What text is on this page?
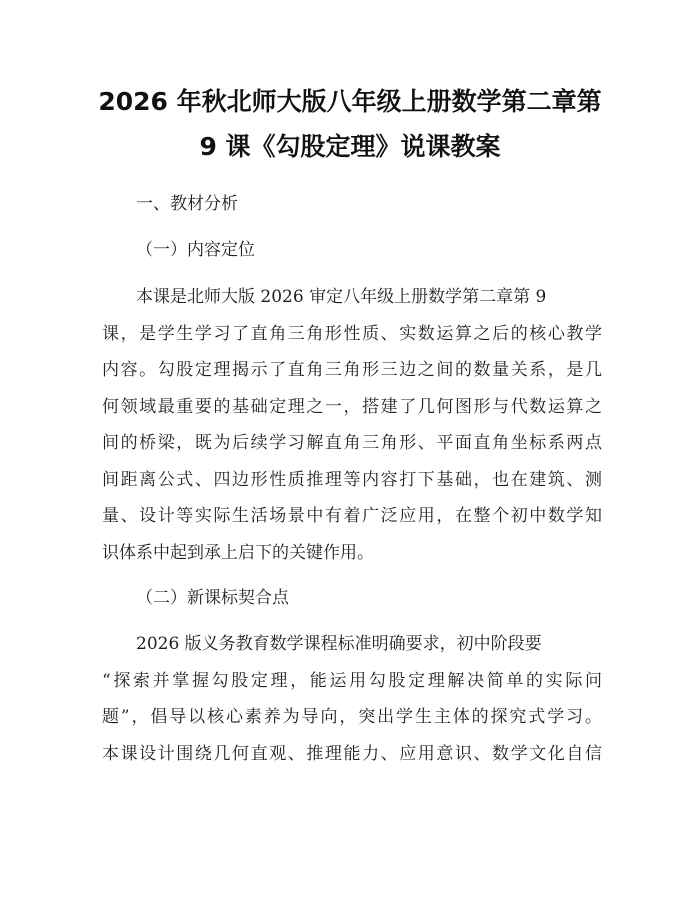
2026 年秋北师大版八年级上册数学第二章第
9 课《勾股定理》说课教案
一、教材分析
（一）内容定位
本课是北师大版 2026 审定八年级上册数学第二章第 9
课，是学生学习了直角三角形性质、实数运算之后的核心教学
内容。勾股定理揭示了直角三角形三边之间的数量关系，是几
何领域最重要的基础定理之一，搭建了几何图形与代数运算之
间的桥梁，既为后续学习解直角三角形、平面直角坐标系两点
间距离公式、四边形性质推理等内容打下基础，也在建筑、测
量、设计等实际生活场景中有着广泛应用，在整个初中数学知
识体系中起到承上启下的关键作用。
（二）新课标契合点
2026 版义务教育数学课程标准明确要求，初中阶段要
“探索并掌握勾股定理，能运用勾股定理解决简单的实际问
题”，倡导以核心素养为导向，突出学生主体的探究式学习。
本课设计围绕几何直观、推理能力、应用意识、数学文化自信
